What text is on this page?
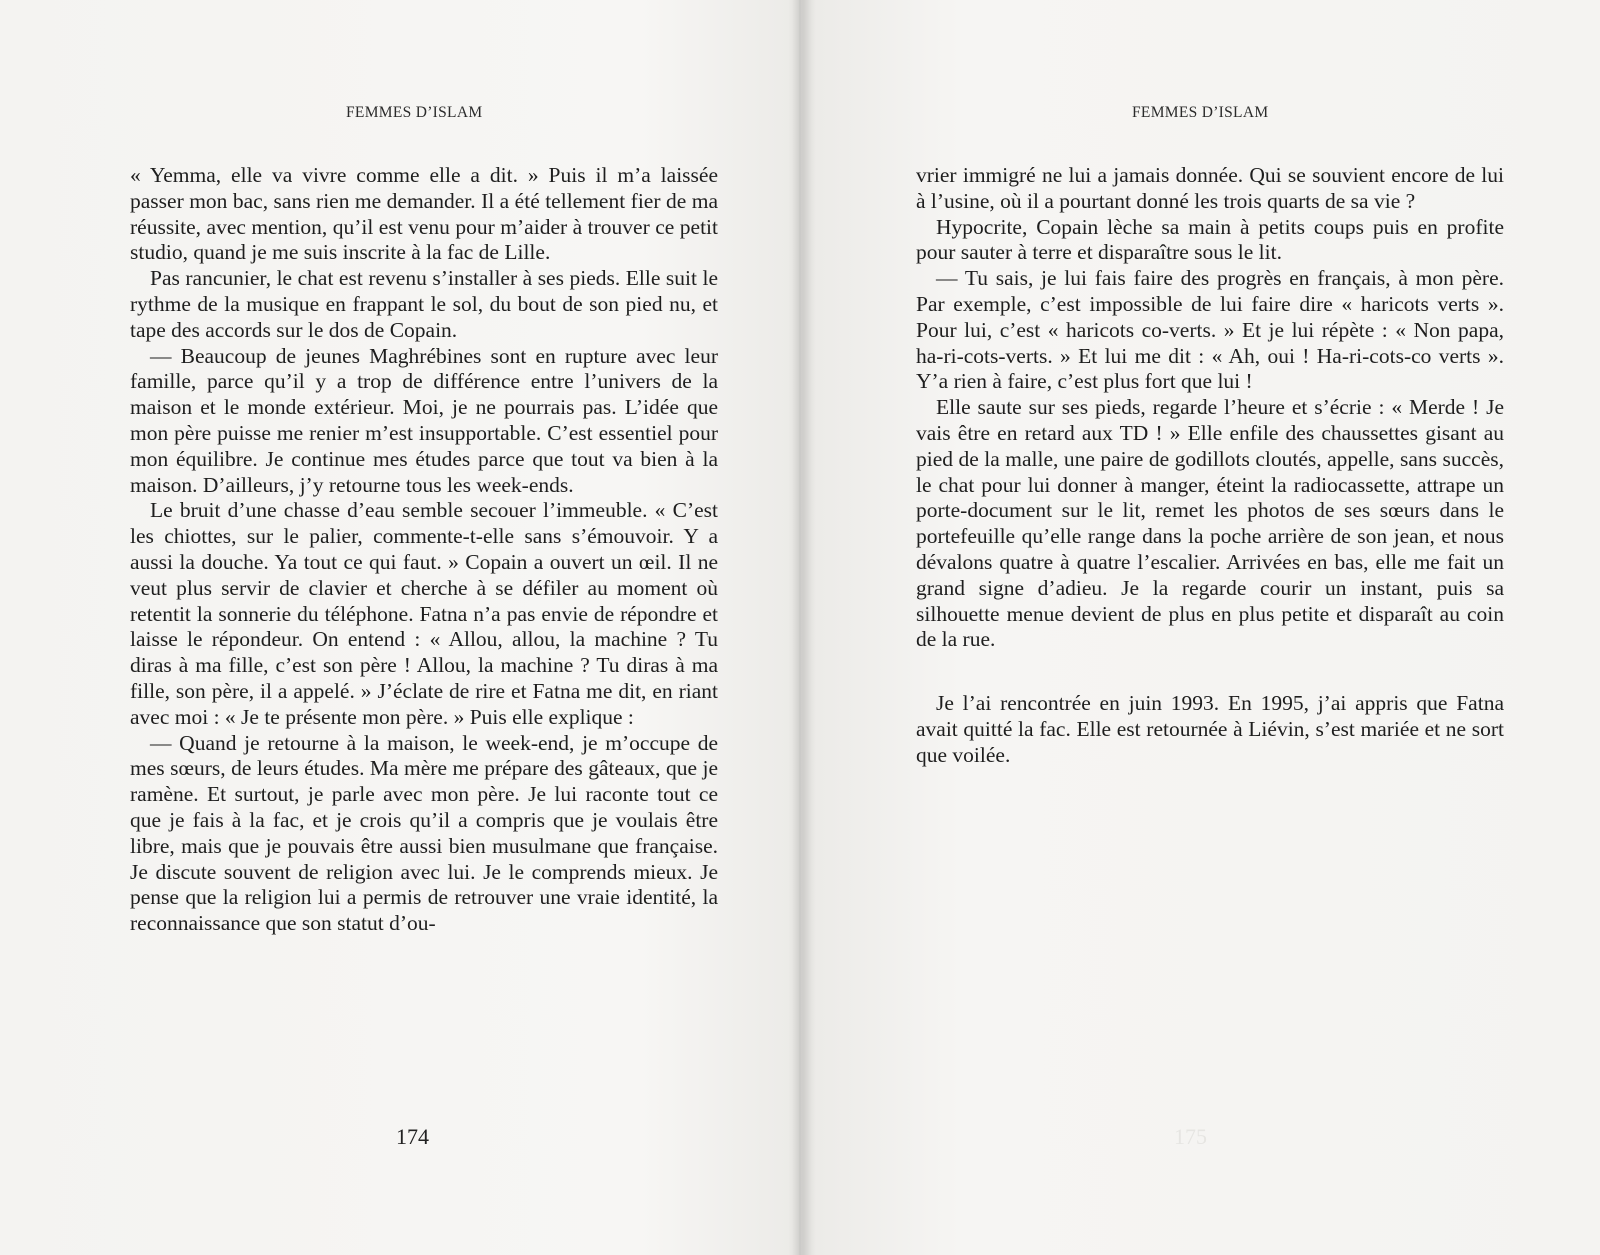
FEMMES D’ISLAM

« Yemma, elle va vivre comme elle a dit. » Puis il m’a laissée passer mon bac, sans rien me demander. Il a été tellement fier de ma réussite, avec mention, qu’il est venu pour m’aider à trouver ce petit studio, quand je me suis inscrite à la fac de Lille.

Pas rancunier, le chat est revenu s’installer à ses pieds. Elle suit le rythme de la musique en frappant le sol, du bout de son pied nu, et tape des accords sur le dos de Copain.

— Beaucoup de jeunes Maghrébines sont en rupture avec leur famille, parce qu’il y a trop de différence entre l’univers de la maison et le monde extérieur. Moi, je ne pourrais pas. L’idée que mon père puisse me renier m’est insupportable. C’est essentiel pour mon équilibre. Je continue mes études parce que tout va bien à la maison. D’ailleurs, j’y retourne tous les week-ends.

Le bruit d’une chasse d’eau semble secouer l’immeuble. « C’est les chiottes, sur le palier, commente-t-elle sans s’émouvoir. Y a aussi la douche. Ya tout ce qui faut. » Copain a ouvert un œil. Il ne veut plus servir de clavier et cherche à se défiler au moment où retentit la sonnerie du téléphone. Fatna n’a pas envie de répondre et laisse le répondeur. On entend : « Allou, allou, la machine ? Tu diras à ma fille, c’est son père ! Allou, la machine ? Tu diras à ma fille, son père, il a appelé. » J’éclate de rire et Fatna me dit, en riant avec moi : « Je te présente mon père. » Puis elle explique :

— Quand je retourne à la maison, le week-end, je m’occupe de mes sœurs, de leurs études. Ma mère me prépare des gâteaux, que je ramène. Et surtout, je parle avec mon père. Je lui raconte tout ce que je fais à la fac, et je crois qu’il a compris que je voulais être libre, mais que je pouvais être aussi bien musulmane que française. Je discute souvent de religion avec lui. Je le comprends mieux. Je pense que la religion lui a permis de retrouver une vraie identité, la reconnaissance que son statut d’ou-

174
FEMMES D’ISLAM

vrier immigré ne lui a jamais donnée. Qui se souvient encore de lui à l’usine, où il a pourtant donné les trois quarts de sa vie ?

Hypocrite, Copain lèche sa main à petits coups puis en profite pour sauter à terre et disparaître sous le lit.

— Tu sais, je lui fais faire des progrès en français, à mon père. Par exemple, c’est impossible de lui faire dire « haricots verts ». Pour lui, c’est « haricots co-verts. » Et je lui répète : « Non papa, ha-ri-cots-verts. » Et lui me dit : « Ah, oui ! Ha-ri-cots-co verts ». Y’a rien à faire, c’est plus fort que lui !

Elle saute sur ses pieds, regarde l’heure et s’écrie : « Merde ! Je vais être en retard aux TD ! » Elle enfile des chaussettes gisant au pied de la malle, une paire de godillots cloutés, appelle, sans succès, le chat pour lui donner à manger, éteint la radiocassette, attrape un porte-document sur le lit, remet les photos de ses sœurs dans le portefeuille qu’elle range dans la poche arrière de son jean, et nous dévalons quatre à quatre l’escalier. Arrivées en bas, elle me fait un grand signe d’adieu. Je la regarde courir un instant, puis sa silhouette menue devient de plus en plus petite et disparaît au coin de la rue.

Je l’ai rencontrée en juin 1993. En 1995, j’ai appris que Fatna avait quitté la fac. Elle est retournée à Liévin, s’est mariée et ne sort que voilée.

175
